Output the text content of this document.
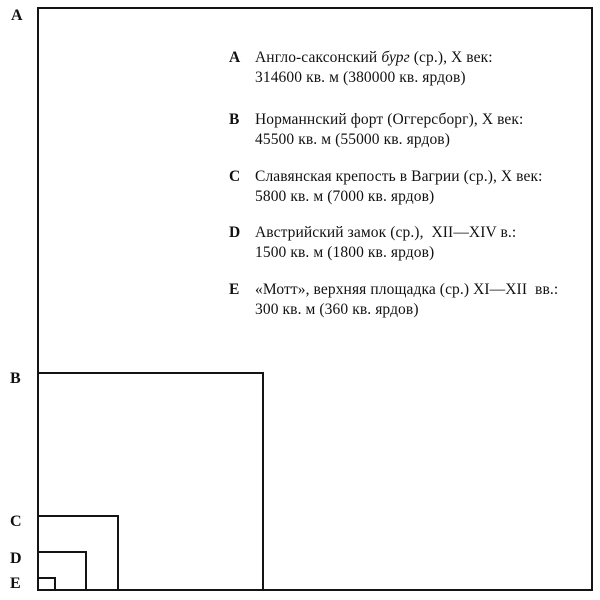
A
B
C
D
E
A Англо-саксонский бург (ср.), X век:
314600 кв. м (380000 кв. ярдов)
B	Норманнский форт (Оггерсборг), X век:
45500 кв. м (55000 кв. ярдов)
C Славянская крепость в Вагрии (ср.), X век:
5800 кв. м (7000 кв. ярдов)
D Австрийский замок (ср.),  XII—XIV в.:
1500 кв. м (1800 кв. ярдов)
E	«Мотт», верхняя площадка (ср.) XI—XII  вв.:
300 кв. м (360 кв. ярдов)
